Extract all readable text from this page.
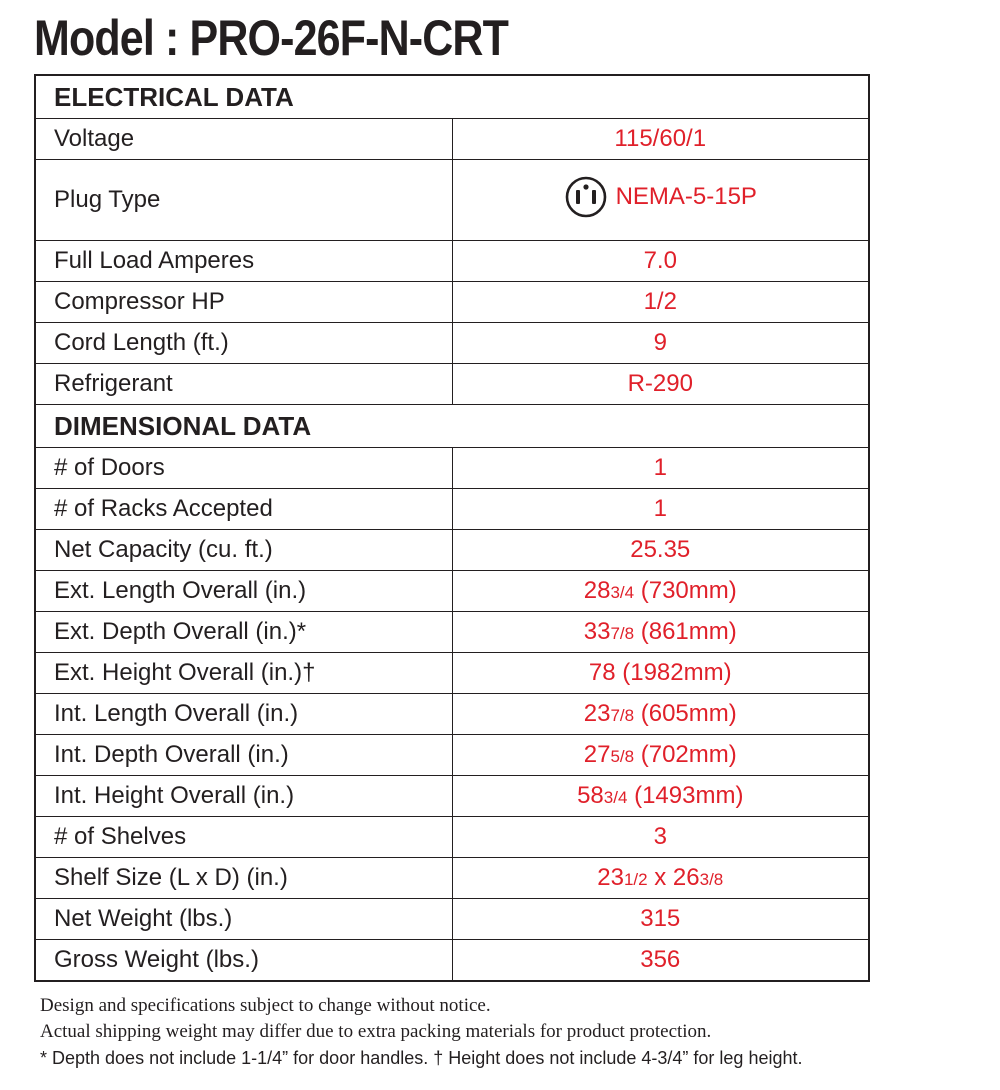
Model : PRO-26F-N-CRT
ELECTRICAL DATA	
Voltage	115/60/1
Plug Type	NEMA-5-15P

Full Load Amperes	7.0
Compressor HP	1/2
Cord Length (ft.)	9
Refrigerant	R-290
DIMENSIONAL DATA	
# of Doors	1
# of Racks Accepted	1
Net Capacity (cu. ft.)	25.35
Ext. Length Overall (in.)	283/4 (730mm)
Ext. Depth Overall (in.)*	337/8 (861mm)
Ext. Height Overall (in.)†	78 (1982mm)
Int. Length Overall (in.)	237/8 (605mm)
Int. Depth Overall (in.)	275/8 (702mm)
Int. Height Overall (in.)	583/4 (1493mm)
# of Shelves	3
Shelf Size (L x D) (in.)	231/2 x 263/8
Net Weight (lbs.)	315
Gross Weight (lbs.)	356
Design and specifications subject to change without notice.
Actual shipping weight may differ due to extra packing materials for product protection.
* Depth does not include 1-1/4” for door handles. † Height does not include 4-3/4” for leg height.
